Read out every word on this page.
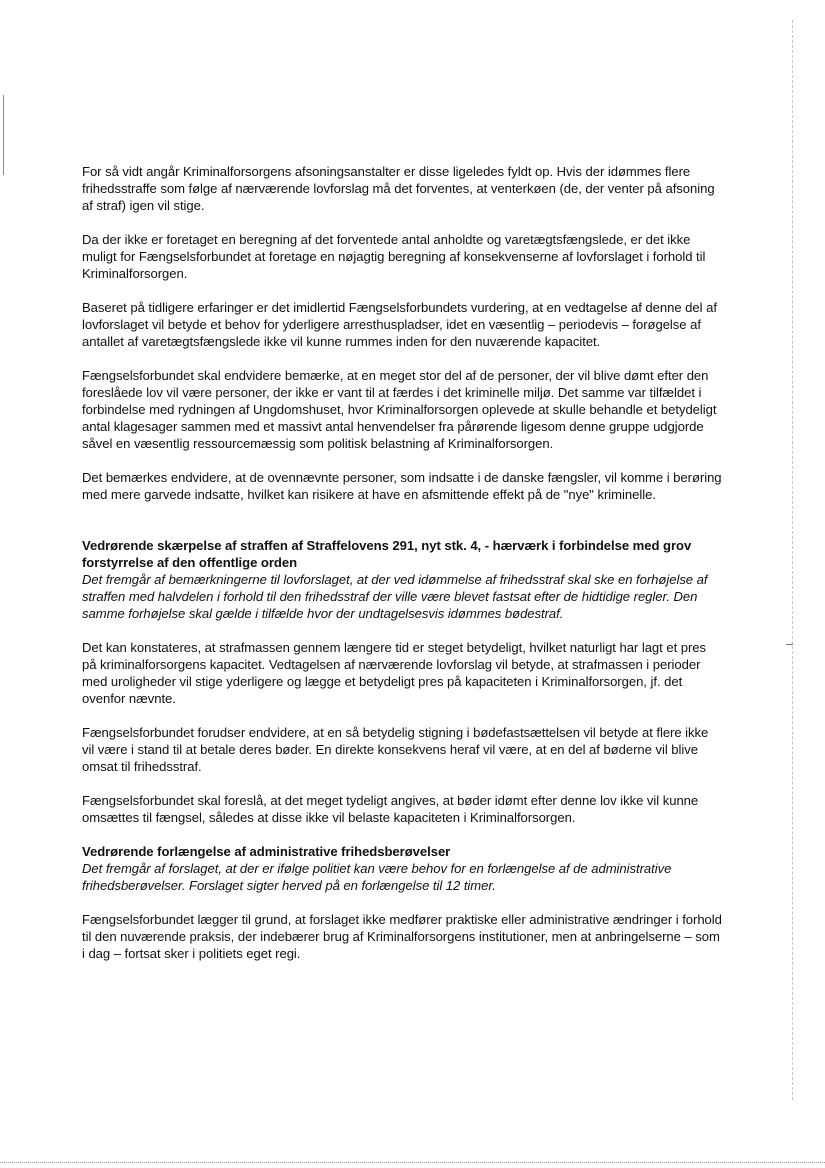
For så vidt angår Kriminalforsorgens afsoningsanstalter er disse ligeledes fyldt op. Hvis der idømmes flere frihedsstraffe som følge af nærværende lovforslag må det forventes, at venterkøen (de, der venter på afsoning af straf) igen vil stige.

Da der ikke er foretaget en beregning af det forventede antal anholdte og varetægtsfængslede, er det ikke muligt for Fængselsforbundet at foretage en nøjagtig beregning af konsekvenserne af lovforslaget i forhold til Kriminalforsorgen.

Baseret på tidligere erfaringer er det imidlertid Fængselsforbundets vurdering, at en vedtagelse af denne del af lovforslaget vil betyde et behov for yderligere arresthuspladser, idet en væsentlig – periodevis – forøgelse af antallet af varetægtsfængslede ikke vil kunne rummes inden for den nuværende kapacitet.

Fængselsforbundet skal endvidere bemærke, at en meget stor del af de personer, der vil blive dømt efter den foreslåede lov vil være personer, der ikke er vant til at færdes i det kriminelle miljø. Det samme var tilfældet i forbindelse med rydningen af Ungdomshuset, hvor Kriminalforsorgen oplevede at skulle behandle et betydeligt antal klagesager sammen med et massivt antal henvendelser fra pårørende ligesom denne gruppe udgjorde såvel en væsentlig ressourcemæssig som politisk belastning af Kriminalforsorgen.

Det bemærkes endvidere, at de ovennævnte personer, som indsatte i de danske fængsler, vil komme i berøring med mere garvede indsatte, hvilket kan risikere at have en afsmittende effekt på de "nye" kriminelle.

Vedrørende skærpelse af straffen af Straffelovens 291, nyt stk. 4, - hærværk i forbindelse med grov forstyrrelse af den offentlige orden

Det fremgår af bemærkningerne til lovforslaget, at der ved idømmelse af frihedsstraf skal ske en forhøjelse af straffen med halvdelen i forhold til den frihedsstraf der ville være blevet fastsat efter de hidtidige regler. Den samme forhøjelse skal gælde i tilfælde hvor der undtagelsesvis idømmes bødestraf.

Det kan konstateres, at strafmassen gennem længere tid er steget betydeligt, hvilket naturligt har lagt et pres på kriminalforsorgens kapacitet. Vedtagelsen af nærværende lovforslag vil betyde, at strafmassen i perioder med uroligheder vil stige yderligere og lægge et betydeligt pres på kapaciteten i Kriminalforsorgen, jf. det ovenfor nævnte.

Fængselsforbundet forudser endvidere, at en så betydelig stigning i bødefastsættelsen vil betyde at flere ikke vil være i stand til at betale deres bøder. En direkte konsekvens heraf vil være, at en del af bøderne vil blive omsat til frihedsstraf.

Fængselsforbundet skal foreslå, at det meget tydeligt angives, at bøder idømt efter denne lov ikke vil kunne omsættes til fængsel, således at disse ikke vil belaste kapaciteten i Kriminalforsorgen.

Vedrørende forlængelse af administrative frihedsberøvelser

Det fremgår af forslaget, at der er ifølge politiet kan være behov for en forlængelse af de administrative frihedsberøvelser. Forslaget sigter herved på en forlængelse til 12 timer.

Fængselsforbundet lægger til grund, at forslaget ikke medfører praktiske eller administrative ændringer i forhold til den nuværende praksis, der indebærer brug af Kriminalforsorgens institutioner, men at anbringelserne – som i dag – fortsat sker i politiets eget regi.
